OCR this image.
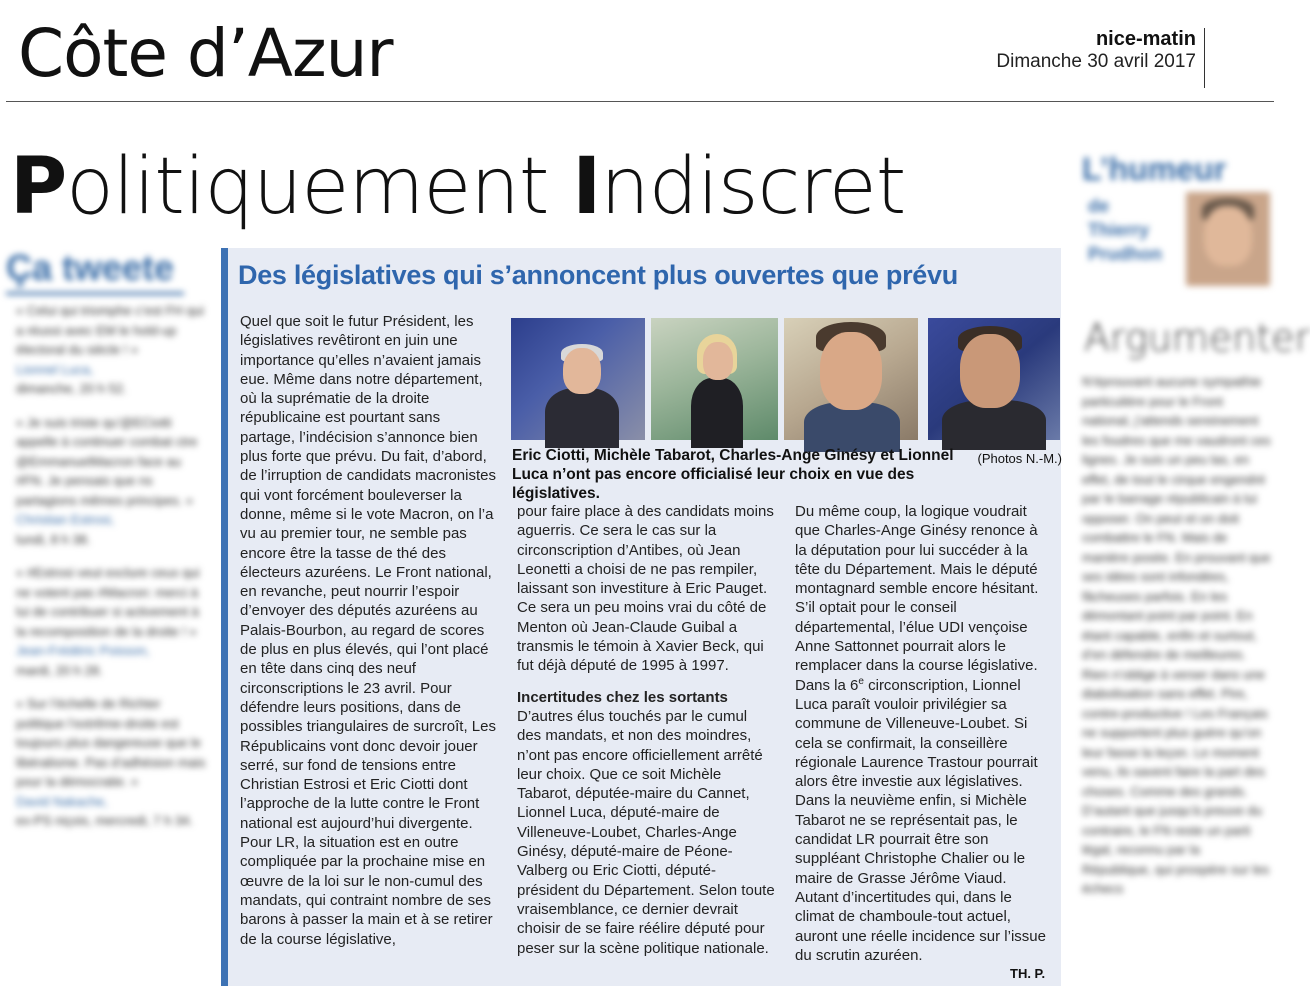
Côte d’Azur	nice-matin
Dimanche 30 avril 2017
Politiquement Indiscret
Ça tweete
« Celui qui triomphe c’est FH qui a réussi avec EM le hold-up électoral du siècle ! »
Lionnel Luca,
dimanche, 20 h 52.
« Je suis triste qu’@ECiotti appelle à continuer combat ctre @EmmanuelMacron face au #FN. Je pensais que ns partagions mêmes principes. »
Christian Estrosi,
lundi, 8 h 38.
« #Estrosi veut exclure ceux qui ne votent pas #Macron: merci à lui de contribuer si activement à la recomposition de la droite ! »
Jean-Frédéric Poisson,
mardi, 20 h 28.
« Sur l’échelle de Richter politique l’extrême-droite est toujours plus dangereuse que le libéralisme. Pas d’adhésion mais pour la démocratie. »
David Nakache,
ex-PS niçois, mercredi, 7 h 34.
L’humeur
de
Thierry
Prudhon
Argumenter
N’éprouvant aucune sympathie particulière pour le Front national, j’attends sereinement les foudres que me vaudront ces lignes. Je suis un peu las, en effet, de tout le cirque engendré par le barrage républicain à lui opposer. On peut et on doit combattre le FN. Mais de manière posée. En prouvant que ses idées sont infondées, fâcheuses parfois. En les démontant point par point. En étant capable, enfin et surtout, d’en défendre de meilleures. Rien n’oblige à verser dans une diabolisation sans effet. Pire, contre-productive ! Les Français ne supportent plus guère qu’on leur fasse la leçon. Le moment venu, ils savent faire la part des choses. Comme des grands. D’autant que jusqu’à preuve du contraire, le FN reste un parti légal, reconnu par la République, qui prospère sur les échecs
Des législatives qui s’annoncent plus ouvertes que prévu
Quel que soit le futur Président, les législatives revêtiront en juin une importance qu’elles n’avaient jamais eue. Même dans notre département, où la suprématie de la droite républicaine est pourtant sans partage, l’indécision s’annonce bien plus forte que prévu. Du fait, d’abord, de l’irruption de candidats macronistes qui vont forcément bouleverser la donne, même si le vote Macron, on l’a vu au premier tour, ne semble pas encore être la tasse de thé des électeurs azuréens. Le Front national, en revanche, peut nourrir l’espoir d’envoyer des députés azuréens au Palais-Bourbon, au regard de scores de plus en plus élevés, qui l’ont placé en tête dans cinq des neuf circonscriptions le 23 avril. Pour défendre leurs positions, dans de possibles triangulaires de surcroît, Les Républicains vont donc devoir jouer serré, sur fond de tensions entre Christian Estrosi et Eric Ciotti dont l’approche de la lutte contre le Front national est aujourd’hui divergente. Pour LR, la situation est en outre compliquée par la prochaine mise en œuvre de la loi sur le non-cumul des mandats, qui contraint nombre de ses barons à passer la main et à se retirer de la course législative,
pour faire place à des candidats moins aguerris. Ce sera le cas sur la circonscription d’Antibes, où Jean Leonetti a choisi de ne pas rempiler, laissant son investiture à Eric Pauget. Ce sera un peu moins vrai du côté de Menton où Jean-Claude Guibal a transmis le témoin à Xavier Beck, qui fut déjà député de 1995 à 1997.
Incertitudes chez les sortants
D’autres élus touchés par le cumul des mandats, et non des moindres, n’ont pas encore officiellement arrêté leur choix. Que ce soit Michèle Tabarot, députée-maire du Cannet, Lionnel Luca, député-maire de Villeneuve-Loubet, Charles-Ange Ginésy, député-maire de Péone-Valberg ou Eric Ciotti, député-président du Département. Selon toute vraisemblance, ce dernier devrait choisir de se faire réélire député pour peser sur la scène politique nationale.
Du même coup, la logique voudrait que Charles-Ange Ginésy renonce à la députation pour lui succéder à la tête du Département. Mais le député montagnard semble encore hésitant. S’il optait pour le conseil départemental, l’élue UDI vençoise Anne Sattonnet pourrait alors le remplacer dans la course législative. Dans la 6e circonscription, Lionnel Luca paraît vouloir privilégier sa commune de Villeneuve-Loubet. Si cela se confirmait, la conseillère régionale Laurence Trastour pourrait alors être investie aux législatives. Dans la neuvième enfin, si Michèle Tabarot ne se représentait pas, le candidat LR pourrait être son suppléant Christophe Chalier ou le maire de Grasse Jérôme Viaud. Autant d’incertitudes qui, dans le climat de chamboule-tout actuel, auront une réelle incidence sur l’issue du scrutin azuréen.
(Photos N.-M.)
Eric Ciotti, Michèle Tabarot, Charles-Ange Ginésy et Lionnel Luca n’ont pas encore officialisé leur choix en vue des législatives.
TH. P.
